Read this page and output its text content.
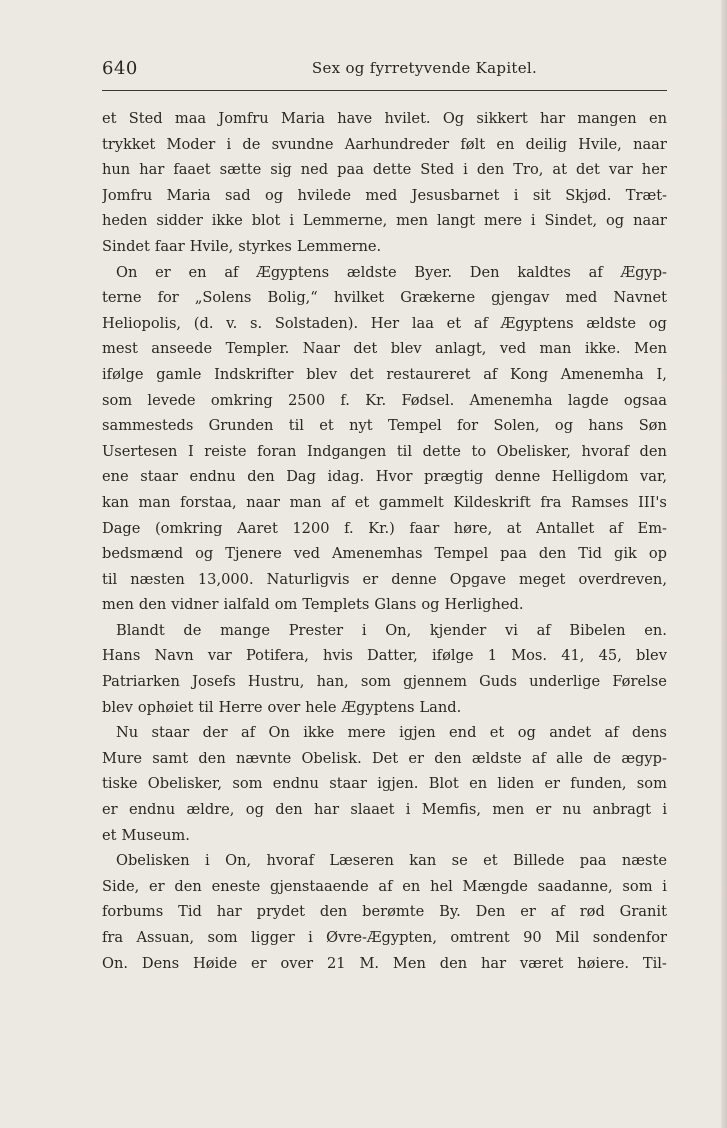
640	Sex og fyrretyvende Kapitel.
et Sted maa Jomfru Maria have hvilet. Og sikkert har mangen en
trykket Moder i de svundne Aarhundreder følt en deilig Hvile, naar
hun har faaet sætte sig ned paa dette Sted i den Tro, at det var her
Jomfru Maria sad og hvilede med Jesusbarnet i sit Skjød. Træt-
heden sidder ikke blot i Lemmerne, men langt mere i Sindet, og naar
Sindet faar Hvile, styrkes Lemmerne.
On er en af Ægyptens ældste Byer. Den kaldtes af Ægyp-
terne for „Solens Bolig,“ hvilket Grækerne gjengav med Navnet
Heliopolis, (d. v. s. Solstaden). Her laa et af Ægyptens ældste og
mest anseede Templer. Naar det blev anlagt, ved man ikke. Men
ifølge gamle Indskrifter blev det restaureret af Kong Amenemha I,
som levede omkring 2500 f. Kr. Fødsel. Amenemha lagde ogsaa
sammesteds Grunden til et nyt Tempel for Solen, og hans Søn
Usertesen I reiste foran Indgangen til dette to Obelisker, hvoraf den
ene staar endnu den Dag idag. Hvor prægtig denne Helligdom var,
kan man forstaa, naar man af et gammelt Kildeskrift fra Ramses III's
Dage (omkring Aaret 1200 f. Kr.) faar høre, at Antallet af Em-
bedsmænd og Tjenere ved Amenemhas Tempel paa den Tid gik op
til næsten 13,000. Naturligvis er denne Opgave meget overdreven,
men den vidner ialfald om Templets Glans og Herlighed.
Blandt de mange Prester i On, kjender vi af Bibelen en.
Hans Navn var Potifera, hvis Datter, ifølge 1 Mos. 41, 45, blev
Patriarken Josefs Hustru, han, som gjennem Guds underlige Førelse
blev ophøiet til Herre over hele Ægyptens Land.
Nu staar der af On ikke mere igjen end et og andet af dens
Mure samt den nævnte Obelisk. Det er den ældste af alle de ægyp-
tiske Obelisker, som endnu staar igjen. Blot en liden er funden, som
er endnu ældre, og den har slaaet i Memfis, men er nu anbragt i
et Museum.
Obelisken i On, hvoraf Læseren kan se et Billede paa næste
Side, er den eneste gjenstaaende af en hel Mængde saadanne, som i
forbums Tid har prydet den berømte By. Den er af rød Granit
fra Assuan, som ligger i Øvre-Ægypten, omtrent 90 Mil sondenfor
On. Dens Høide er over 21 M. Men den har været høiere. Til-
